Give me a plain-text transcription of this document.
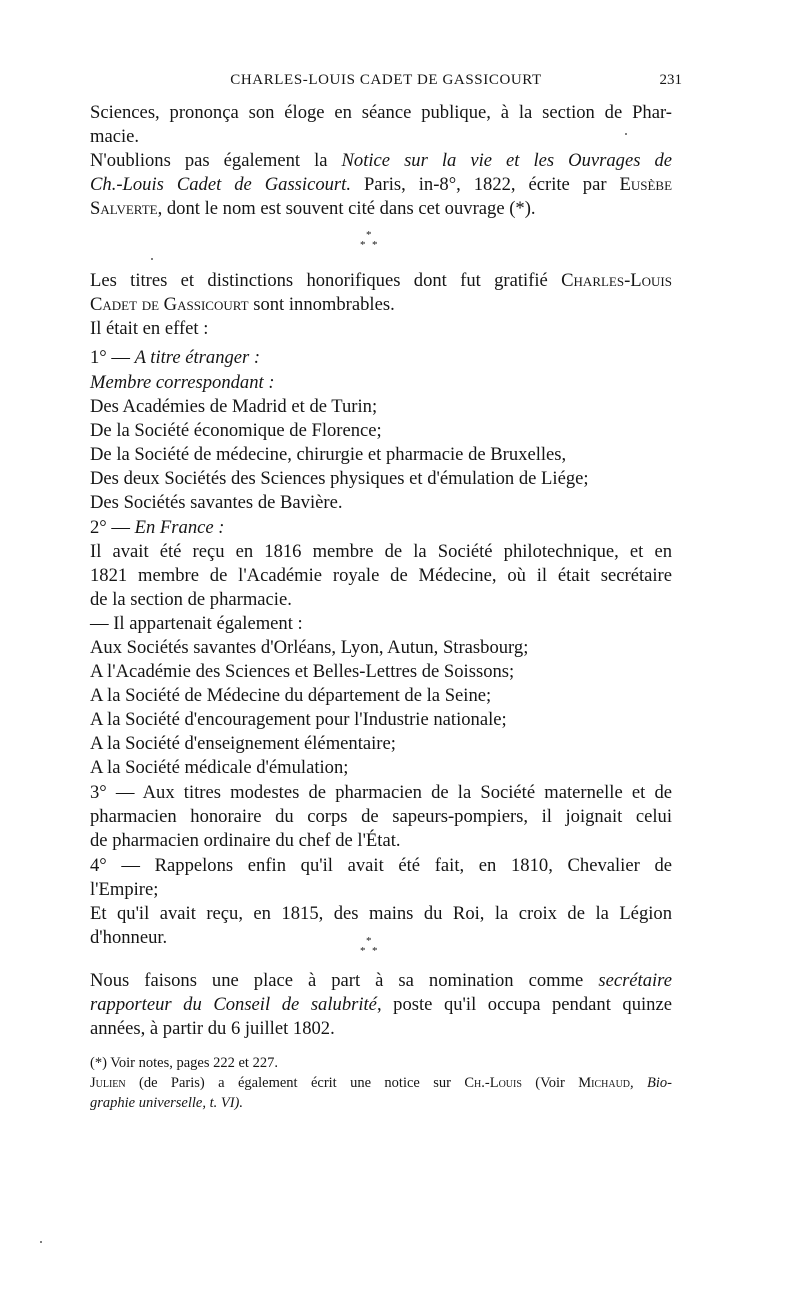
CHARLES-LOUIS CADET DE GASSICOURT	231
Sciences, prononça son éloge en séance publique, à la section de Phar-
macie.
N'oublions pas également la Notice sur la vie et les Ouvrages de
Ch.-Louis Cadet de Gassicourt. Paris, in-8°, 1822, écrite par Eusèbe
Salverte, dont le nom est souvent cité dans cet ouvrage (*).
*
* *
Les titres et distinctions honorifiques dont fut gratifié Charles-Louis
Cadet de Gassicourt sont innombrables.
Il était en effet :
1° — A titre étranger :
Membre correspondant :
Des Académies de Madrid et de Turin;
De la Société économique de Florence;
De la Société de médecine, chirurgie et pharmacie de Bruxelles,
Des deux Sociétés des Sciences physiques et d'émulation de Liége;
Des Sociétés savantes de Bavière.
2° — En France :
Il avait été reçu en 1816 membre de la Société philotechnique, et en
1821 membre de l'Académie royale de Médecine, où il était secrétaire
de la section de pharmacie.
— Il appartenait également :
Aux Sociétés savantes d'Orléans, Lyon, Autun, Strasbourg;
A l'Académie des Sciences et Belles-Lettres de Soissons;
A la Société de Médecine du département de la Seine;
A la Société d'encouragement pour l'Industrie nationale;
A la Société d'enseignement élémentaire;
A la Société médicale d'émulation;
3° — Aux titres modestes de pharmacien de la Société maternelle et de
pharmacien honoraire du corps de sapeurs-pompiers, il joignait celui
de pharmacien ordinaire du chef de l'État.
4° — Rappelons enfin qu'il avait été fait, en 1810, Chevalier de
l'Empire;
Et qu'il avait reçu, en 1815, des mains du Roi, la croix de la Légion
d'honneur.	*
* *
Nous faisons une place à part à sa nomination comme secrétaire
rapporteur du Conseil de salubrité, poste qu'il occupa pendant quinze
années, à partir du 6 juillet 1802.
(*) Voir notes, pages 222 et 227.
Julien (de Paris) a également écrit une notice sur Ch.-Louis (Voir Michaud, Bio-
graphie universelle, t. VI).
